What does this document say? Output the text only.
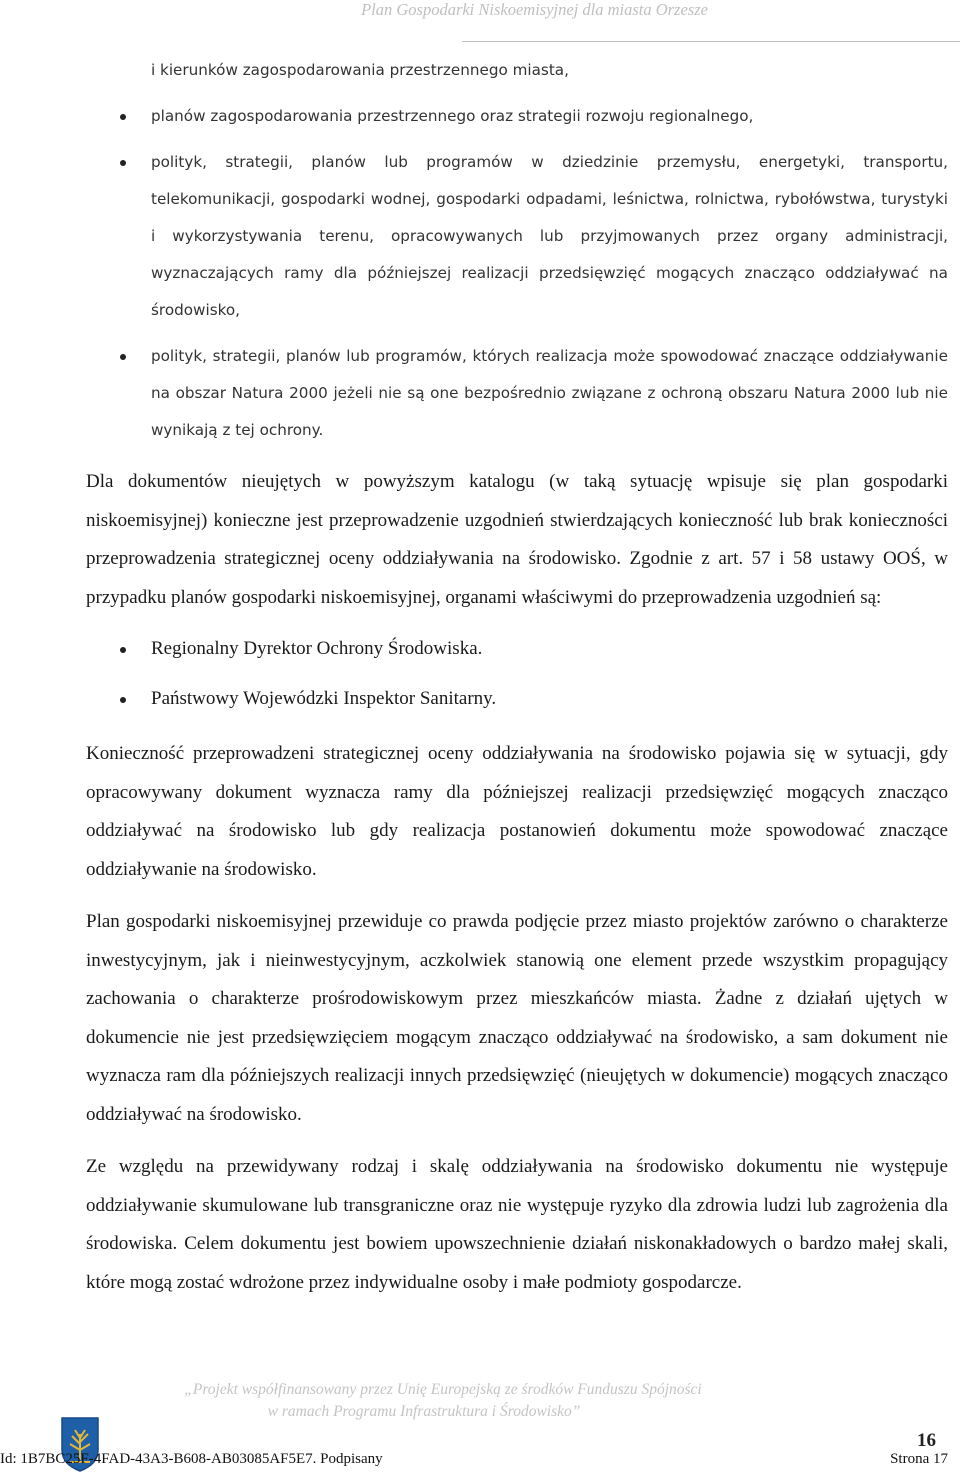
Plan Gospodarki Niskoemisyjnej dla miasta Orzesze
i kierunków zagospodarowania przestrzennego miasta,
planów zagospodarowania przestrzennego oraz strategii rozwoju regionalnego,
polityk, strategii, planów lub programów w dziedzinie przemysłu, energetyki, transportu, telekomunikacji, gospodarki wodnej, gospodarki odpadami, leśnictwa, rolnictwa, rybołówstwa, turystyki i wykorzystywania terenu, opracowywanych lub przyjmowanych przez organy administracji, wyznaczających ramy dla późniejszej realizacji przedsięwzięć mogących znacząco oddziaływać na środowisko,
polityk, strategii, planów lub programów, których realizacja może spowodować znaczące oddziaływanie na obszar Natura 2000 jeżeli nie są one bezpośrednio związane z ochroną obszaru Natura 2000 lub nie wynikają z tej ochrony.

Dla dokumentów nieujętych w powyższym katalogu (w taką sytuację wpisuje się plan gospodarki niskoemisyjnej) konieczne jest przeprowadzenie uzgodnień stwierdzających konieczność lub brak konieczności przeprowadzenia strategicznej oceny oddziaływania na środowisko. Zgodnie z art. 57 i 58 ustawy OOŚ, w przypadku planów gospodarki niskoemisyjnej, organami właściwymi do przeprowadzenia uzgodnień są:

Regionalny Dyrektor Ochrony Środowiska.
Państwowy Wojewódzki Inspektor Sanitarny.

Konieczność przeprowadzeni strategicznej oceny oddziaływania na środowisko pojawia się w sytuacji, gdy opracowywany dokument wyznacza ramy dla późniejszej realizacji przedsięwzięć mogących znacząco oddziaływać na środowisko lub gdy realizacja postanowień dokumentu może spowodować znaczące oddziaływanie na środowisko.

Plan gospodarki niskoemisyjnej przewiduje co prawda podjęcie przez miasto projektów zarówno o charakterze inwestycyjnym, jak i nieinwestycyjnym, aczkolwiek stanowią one element przede wszystkim propagujący zachowania o charakterze prośrodowiskowym przez mieszkańców miasta. Żadne z działań ujętych w dokumencie nie jest przedsięwzięciem mogącym znacząco oddziaływać na środowisko, a sam dokument nie wyznacza ram dla późniejszych realizacji innych przedsięwzięć (nieujętych w dokumencie) mogących znacząco oddziaływać na środowisko.

Ze względu na przewidywany rodzaj i skalę oddziaływania na środowisko dokumentu nie występuje oddziaływanie skumulowane lub transgraniczne oraz nie występuje ryzyko dla zdrowia ludzi lub zagrożenia dla środowiska. Celem dokumentu jest bowiem upowszechnienie działań niskonakładowych o bardzo małej skali, które mogą zostać wdrożone przez indywidualne osoby i małe podmioty gospodarcze.

„Projekt współfinansowany przez Unię Europejską ze środków Funduszu Spójności
w ramach Programu Infrastruktura i Środowisko”
16
Id: 1B7BC25F-4FAD-43A3-B608-AB03085AF5E7. Podpisany	Strona 17
